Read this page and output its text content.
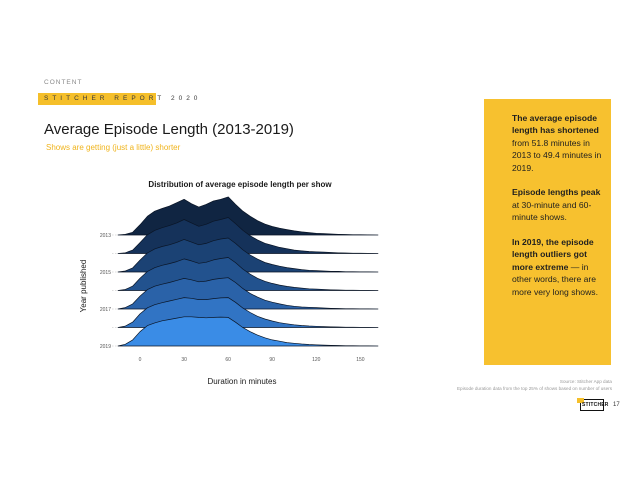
CONTENT
STITCHER REPORT 2020
Average Episode Length (2013-2019)
Shows are getting (just a little) shorter
Distribution of average episode length per show
2013
2015
2017
2019
0	30	60	90	120	150
Duration in minutes
Year published

The average episode length has shortened from 51.8 minutes in 2013 to 49.4 minutes in 2019.

Episode lengths peak at 30-minute and 60-minute shows.

In 2019, the episode length outliers got more extreme — in other words, there are more very long shows.

Source: Stitcher App data
Episode duration data from the top 25% of shows based on number of users
STITCHER 17
